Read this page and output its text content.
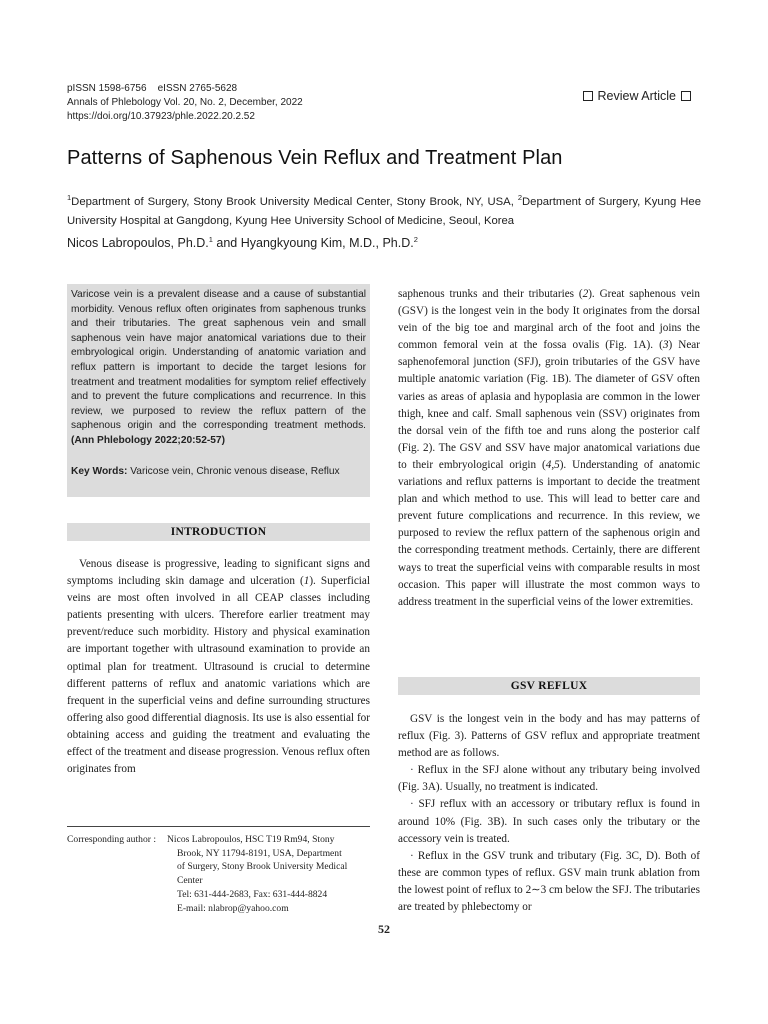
pISSN 1598-6756    eISSN 2765-5628
Annals of Phlebology Vol. 20, No. 2, December, 2022
https://doi.org/10.37923/phle.2022.20.2.52
Review Article
Patterns of Saphenous Vein Reflux and Treatment Plan
$^1$Department of Surgery, Stony Brook University Medical Center, Stony Brook, NY, USA, $^2$Department of Surgery, Kyung Hee University Hospital at Gangdong, Kyung Hee University School of Medicine, Seoul, Korea
Nicos Labropoulos, Ph.D.$^1$ and Hyangkyoung Kim, M.D., Ph.D.$^2$
Varicose vein is a prevalent disease and a cause of substantial morbidity. Venous reflux often originates from saphenous trunks and their tributaries. The great saphenous vein and small saphenous vein have major anatomical variations due to their embryological origin. Understanding of anatomic variation and reflux pattern is important to decide the target lesions for treatment and treatment modalities for symptom relief effectively and to prevent the future complications and recurrence. In this review, we purposed to review the reflux pattern of the saphenous origin and the corresponding treatment methods. (Ann Phlebology 2022;20:52-57)
Key Words: Varicose vein, Chronic venous disease, Reflux
INTRODUCTION

Venous disease is progressive, leading to significant signs and symptoms including skin damage and ulceration (1). Superficial veins are most often involved in all CEAP classes including patients presenting with ulcers. Therefore earlier treatment may prevent/reduce such morbidity. History and physical examination are important together with ultrasound examination to provide an optimal plan for treatment. Ultrasound is crucial to determine different patterns of reflux and anatomic variations which are frequent in the superficial veins and define surrounding structures offering also good differential diagnosis. Its use is also essential for obtaining access and guiding the treatment and evaluating the effect of the treatment and disease progression. Venous reflux often originates from

saphenous trunks and their tributaries (2). Great saphenous vein (GSV) is the longest vein in the body It originates from the dorsal vein of the big toe and marginal arch of the foot and joins the common femoral vein at the fossa ovalis (Fig. 1A). (3) Near saphenofemoral junction (SFJ), groin tributaries of the GSV have multiple anatomic variation (Fig. 1B). The diameter of GSV often varies as areas of aplasia and hypoplasia are common in the lower thigh, knee and calf. Small saphenous vein (SSV) originates from the dorsal vein of the fifth toe and runs along the posterior calf (Fig. 2). The GSV and SSV have major anatomical variations due to their embryological origin (4,5). Understanding of anatomic variations and reflux patterns is important to decide the treatment plan and which method to use. This will lead to better care and prevent future complications and recurrence. In this review, we purposed to review the reflux pattern of the saphenous origin and the corresponding treatment methods. Certainly, there are different ways to treat the superficial veins with comparable results in most occasion. This paper will illustrate the most common ways to address treatment in the superficial veins of the lower extremities.

GSV REFLUX

GSV is the longest vein in the body and has may patterns of reflux (Fig. 3). Patterns of GSV reflux and appropriate treatment method are as follows.

· Reflux in the SFJ alone without any tributary being involved (Fig. 3A). Usually, no treatment is indicated.

· SFJ reflux with an accessory or tributary reflux is found in around 10% (Fig. 3B). In such cases only the tributary or the accessory vein is treated.

· Reflux in the GSV trunk and tributary (Fig. 3C, D). Both of these are common types of reflux. GSV main trunk ablation from the lowest point of reflux to 2∼3 cm below the SFJ. The tributaries are treated by phlebectomy or

Corresponding author :	Nicos Labropoulos, HSC T19 Rm94, Stony
Brook, NY 11794-8191, USA, Department
of Surgery, Stony Brook University Medical
Center
Tel: 631-444-2683, Fax: 631-444-8824
E-mail: nlabrop@yahoo.com
52
